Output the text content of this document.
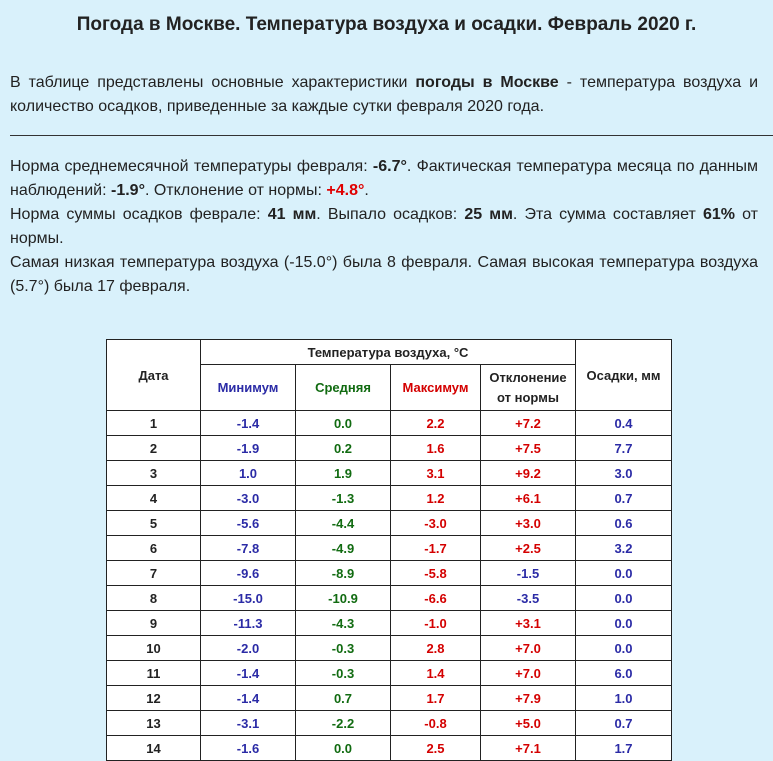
Погода в Москве. Температура воздуха и осадки. Февраль 2020 г.

В таблице представлены основные характеристики погоды в Москве - температура воздуха и количество осадков, приведенные за каждые сутки февраля 2020 года.

Норма среднемесячной температуры февраля: -6.7°. Фактическая температура месяца по данным наблюдений: -1.9°. Отклонение от нормы: +4.8°.

Норма суммы осадков феврале: 41 мм. Выпало осадков: 25 мм. Эта сумма составляет 61% от нормы.

Самая низкая температура воздуха (-15.0°) была 8 февраля. Самая высокая температура воздуха (5.7°) была 17 февраля.

Дата	Температура воздуха, °C				Осадки, мм
	Минимум	Средняя	Максимум	Отклонение от нормы	
1	-1.4	0.0	2.2	+7.2	0.4
2	-1.9	0.2	1.6	+7.5	7.7
3	1.0	1.9	3.1	+9.2	3.0
4	-3.0	-1.3	1.2	+6.1	0.7
5	-5.6	-4.4	-3.0	+3.0	0.6
6	-7.8	-4.9	-1.7	+2.5	3.2
7	-9.6	-8.9	-5.8	-1.5	0.0
8	-15.0	-10.9	-6.6	-3.5	0.0
9	-11.3	-4.3	-1.0	+3.1	0.0
10	-2.0	-0.3	2.8	+7.0	0.0
11	-1.4	-0.3	1.4	+7.0	6.0
12	-1.4	0.7	1.7	+7.9	1.0
13	-3.1	-2.2	-0.8	+5.0	0.7
14	-1.6	0.0	2.5	+7.1	1.7
